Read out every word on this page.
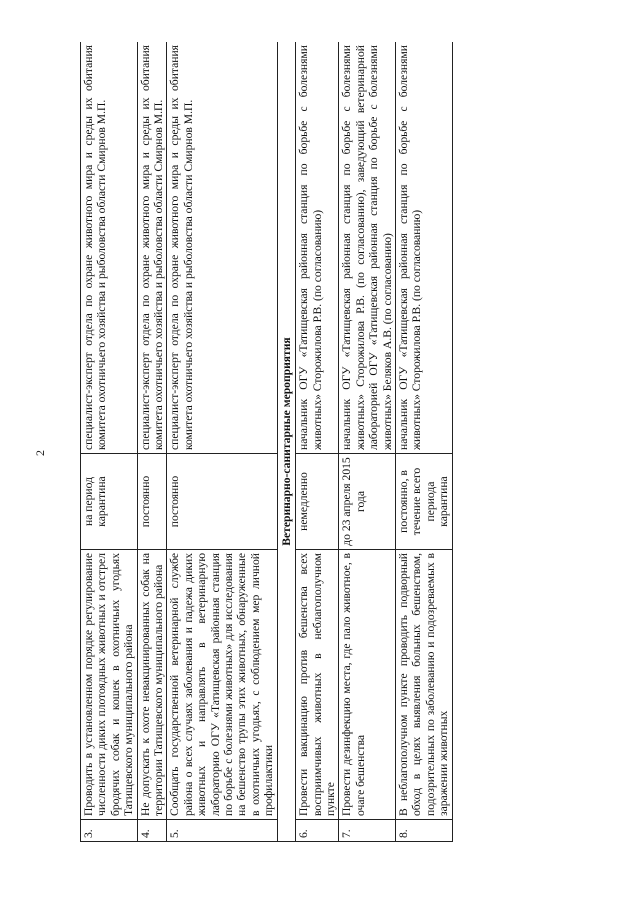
2
3.	Проводить в установленном порядке регулирование численности диких плотоядных животных и отстрел бродячих собак и кошек в охотничьих угодьях Татищевского муниципального района	на период карантина	специалист-эксперт отдела по охране животного мира и среды их обитания комитета охотничьего хозяйства и рыболовства области Смирнов М.П.
4.	Не допускать к охоте невакцинированных собак на территории Татищевского муниципального района	постоянно	специалист-эксперт отдела по охране животного мира и среды их обитания комитета охотничьего хозяйства и рыболовства области Смирнов М.П.
5.	Сообщать государственной ветеринарной службе района о всех случаях заболевания и падежа диких животных и направлять в ветеринарную лабораторию ОГУ «Татищевская районная станция по борьбе с болезнями животных» для исследования на бешенство трупы этих животных, обнаруженные в охотничьих угодьях, с соблюдением мер личной профилактики	постоянно	специалист-эксперт отдела по охране животного мира и среды их обитания комитета охотничьего хозяйства и рыболовства области Смирнов М.П.
Ветеринарно-санитарные мероприятия			
6.	Провести вакцинацию против бешенства всех восприимчивых животных в неблагополучном пункте	немедленно	начальник ОГУ «Татищевская районная станция по борьбе с болезнями животных» Сторожилова Р.В. (по согласованию)
7.	Провести дезинфекцию места, где пало животное, в очаге бешенства	до 23 апреля 2015 года	начальник ОГУ «Татищевская районная станция по борьбе с болезнями животных» Сторожилова Р.В. (по согласованию), заведующий ветеринарной лабораторией ОГУ «Татищевская районная станция по борьбе с болезнями животных» Беляков А.В. (по согласованию)
8.	В неблагополучном пункте проводить подворный обход в целях выявления больных бешенством, подозрительных по заболеванию и подозреваемых в заражении животных	постоянно, в течение всего периода карантина	начальник ОГУ «Татищевская районная станция по борьбе с болезнями животных» Сторожилова Р.В. (по согласованию)
